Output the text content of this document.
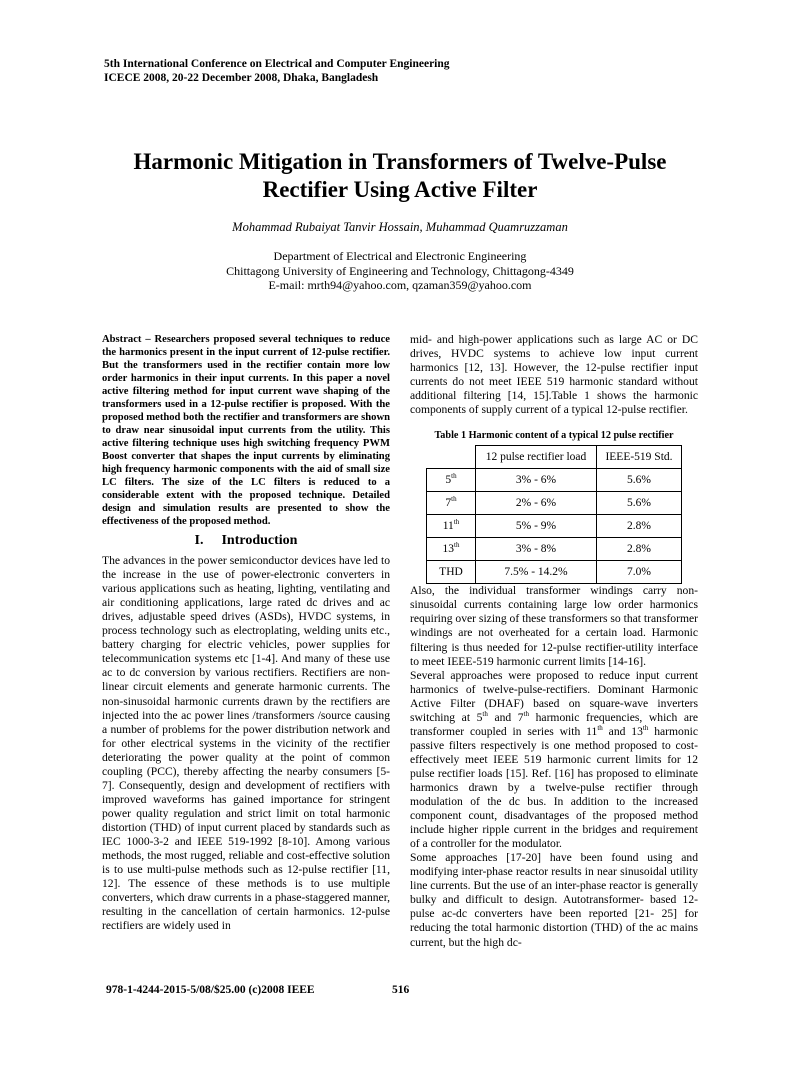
5th International Conference on Electrical and Computer Engineering
ICECE 2008, 20-22 December 2008, Dhaka, Bangladesh
Harmonic Mitigation in Transformers of Twelve-Pulse
Rectifier Using Active Filter
Mohammad Rubaiyat Tanvir Hossain, Muhammad Quamruzzaman
Department of Electrical and Electronic Engineering
Chittagong University of Engineering and Technology, Chittagong-4349
E-mail: mrth94@yahoo.com, qzaman359@yahoo.com

Abstract – Researchers proposed several techniques to reduce the harmonics present in the input current of 12-pulse rectifier. But the transformers used in the rectifier contain more low order harmonics in their input currents. In this paper a novel active filtering method for input current wave shaping of the transformers used in a 12-pulse rectifier is proposed. With the proposed method both the rectifier and transformers are shown to draw near sinusoidal input currents from the utility. This active filtering technique uses high switching frequency PWM Boost converter that shapes the input currents by eliminating high frequency harmonic components with the aid of small size LC filters. The size of the LC filters is reduced to a considerable extent with the proposed technique. Detailed design and simulation results are presented to show the effectiveness of the proposed method.

I. Introduction

The advances in the power semiconductor devices have led to the increase in the use of power-electronic converters in various applications such as heating, lighting, ventilating and air conditioning applications, large rated dc drives and ac drives, adjustable speed drives (ASDs), HVDC systems, in process technology such as electroplating, welding units etc., battery charging for electric vehicles, power supplies for telecommunication systems etc [1-4]. And many of these use ac to dc conversion by various rectifiers. Rectifiers are non-linear circuit elements and generate harmonic currents. The non-sinusoidal harmonic currents drawn by the rectifiers are injected into the ac power lines /transformers /source causing a number of problems for the power distribution network and for other electrical systems in the vicinity of the rectifier deteriorating the power quality at the point of common coupling (PCC), thereby affecting the nearby consumers [5-7]. Consequently, design and development of rectifiers with improved waveforms has gained importance for stringent power quality regulation and strict limit on total harmonic distortion (THD) of input current placed by standards such as IEC 1000-3-2 and IEEE 519-1992 [8-10]. Among various methods, the most rugged, reliable and cost-effective solution is to use multi-pulse methods such as 12-pulse rectifier [11, 12]. The essence of these methods is to use multiple converters, which draw currents in a phase-staggered manner, resulting in the cancellation of certain harmonics. 12-pulse rectifiers are widely used in

mid- and high-power applications such as large AC or DC drives, HVDC systems to achieve low input current harmonics [12, 13]. However, the 12-pulse rectifier input currents do not meet IEEE 519 harmonic standard without additional filtering [14, 15].Table 1 shows the harmonic components of supply current of a typical 12-pulse rectifier.

Table 1 Harmonic content of a typical 12 pulse rectifier
	12 pulse rectifier load	IEEE-519 Std.
5th	3% - 6%	5.6%
7th	2% - 6%	5.6%
11th	5% - 9%	2.8%
13th	3% - 8%	2.8%
THD	7.5% - 14.2%	7.0%

Also, the individual transformer windings carry non-sinusoidal currents containing large low order harmonics requiring over sizing of these transformers so that transformer windings are not overheated for a certain load. Harmonic filtering is thus needed for 12-pulse rectifier-utility interface to meet IEEE-519 harmonic current limits [14-16].

Several approaches were proposed to reduce input current harmonics of twelve-pulse-rectifiers. Dominant Harmonic Active Filter (DHAF) based on square-wave inverters switching at 5th and 7th harmonic frequencies, which are transformer coupled in series with 11th and 13th harmonic passive filters respectively is one method proposed to cost-effectively meet IEEE 519 harmonic current limits for 12 pulse rectifier loads [15]. Ref. [16] has proposed to eliminate harmonics drawn by a twelve-pulse rectifier through modulation of the dc bus. In addition to the increased component count, disadvantages of the proposed method include higher ripple current in the bridges and requirement of a controller for the modulator.

Some approaches [17-20] have been found using and modifying inter-phase reactor results in near sinusoidal utility line currents. But the use of an inter-phase reactor is generally bulky and difficult to design. Autotransformer- based 12-pulse ac-dc converters have been reported [21- 25] for reducing the total harmonic distortion (THD) of the ac mains current, but the high dc-

978-1-4244-2015-5/08/$25.00 (c)2008 IEEE	516
